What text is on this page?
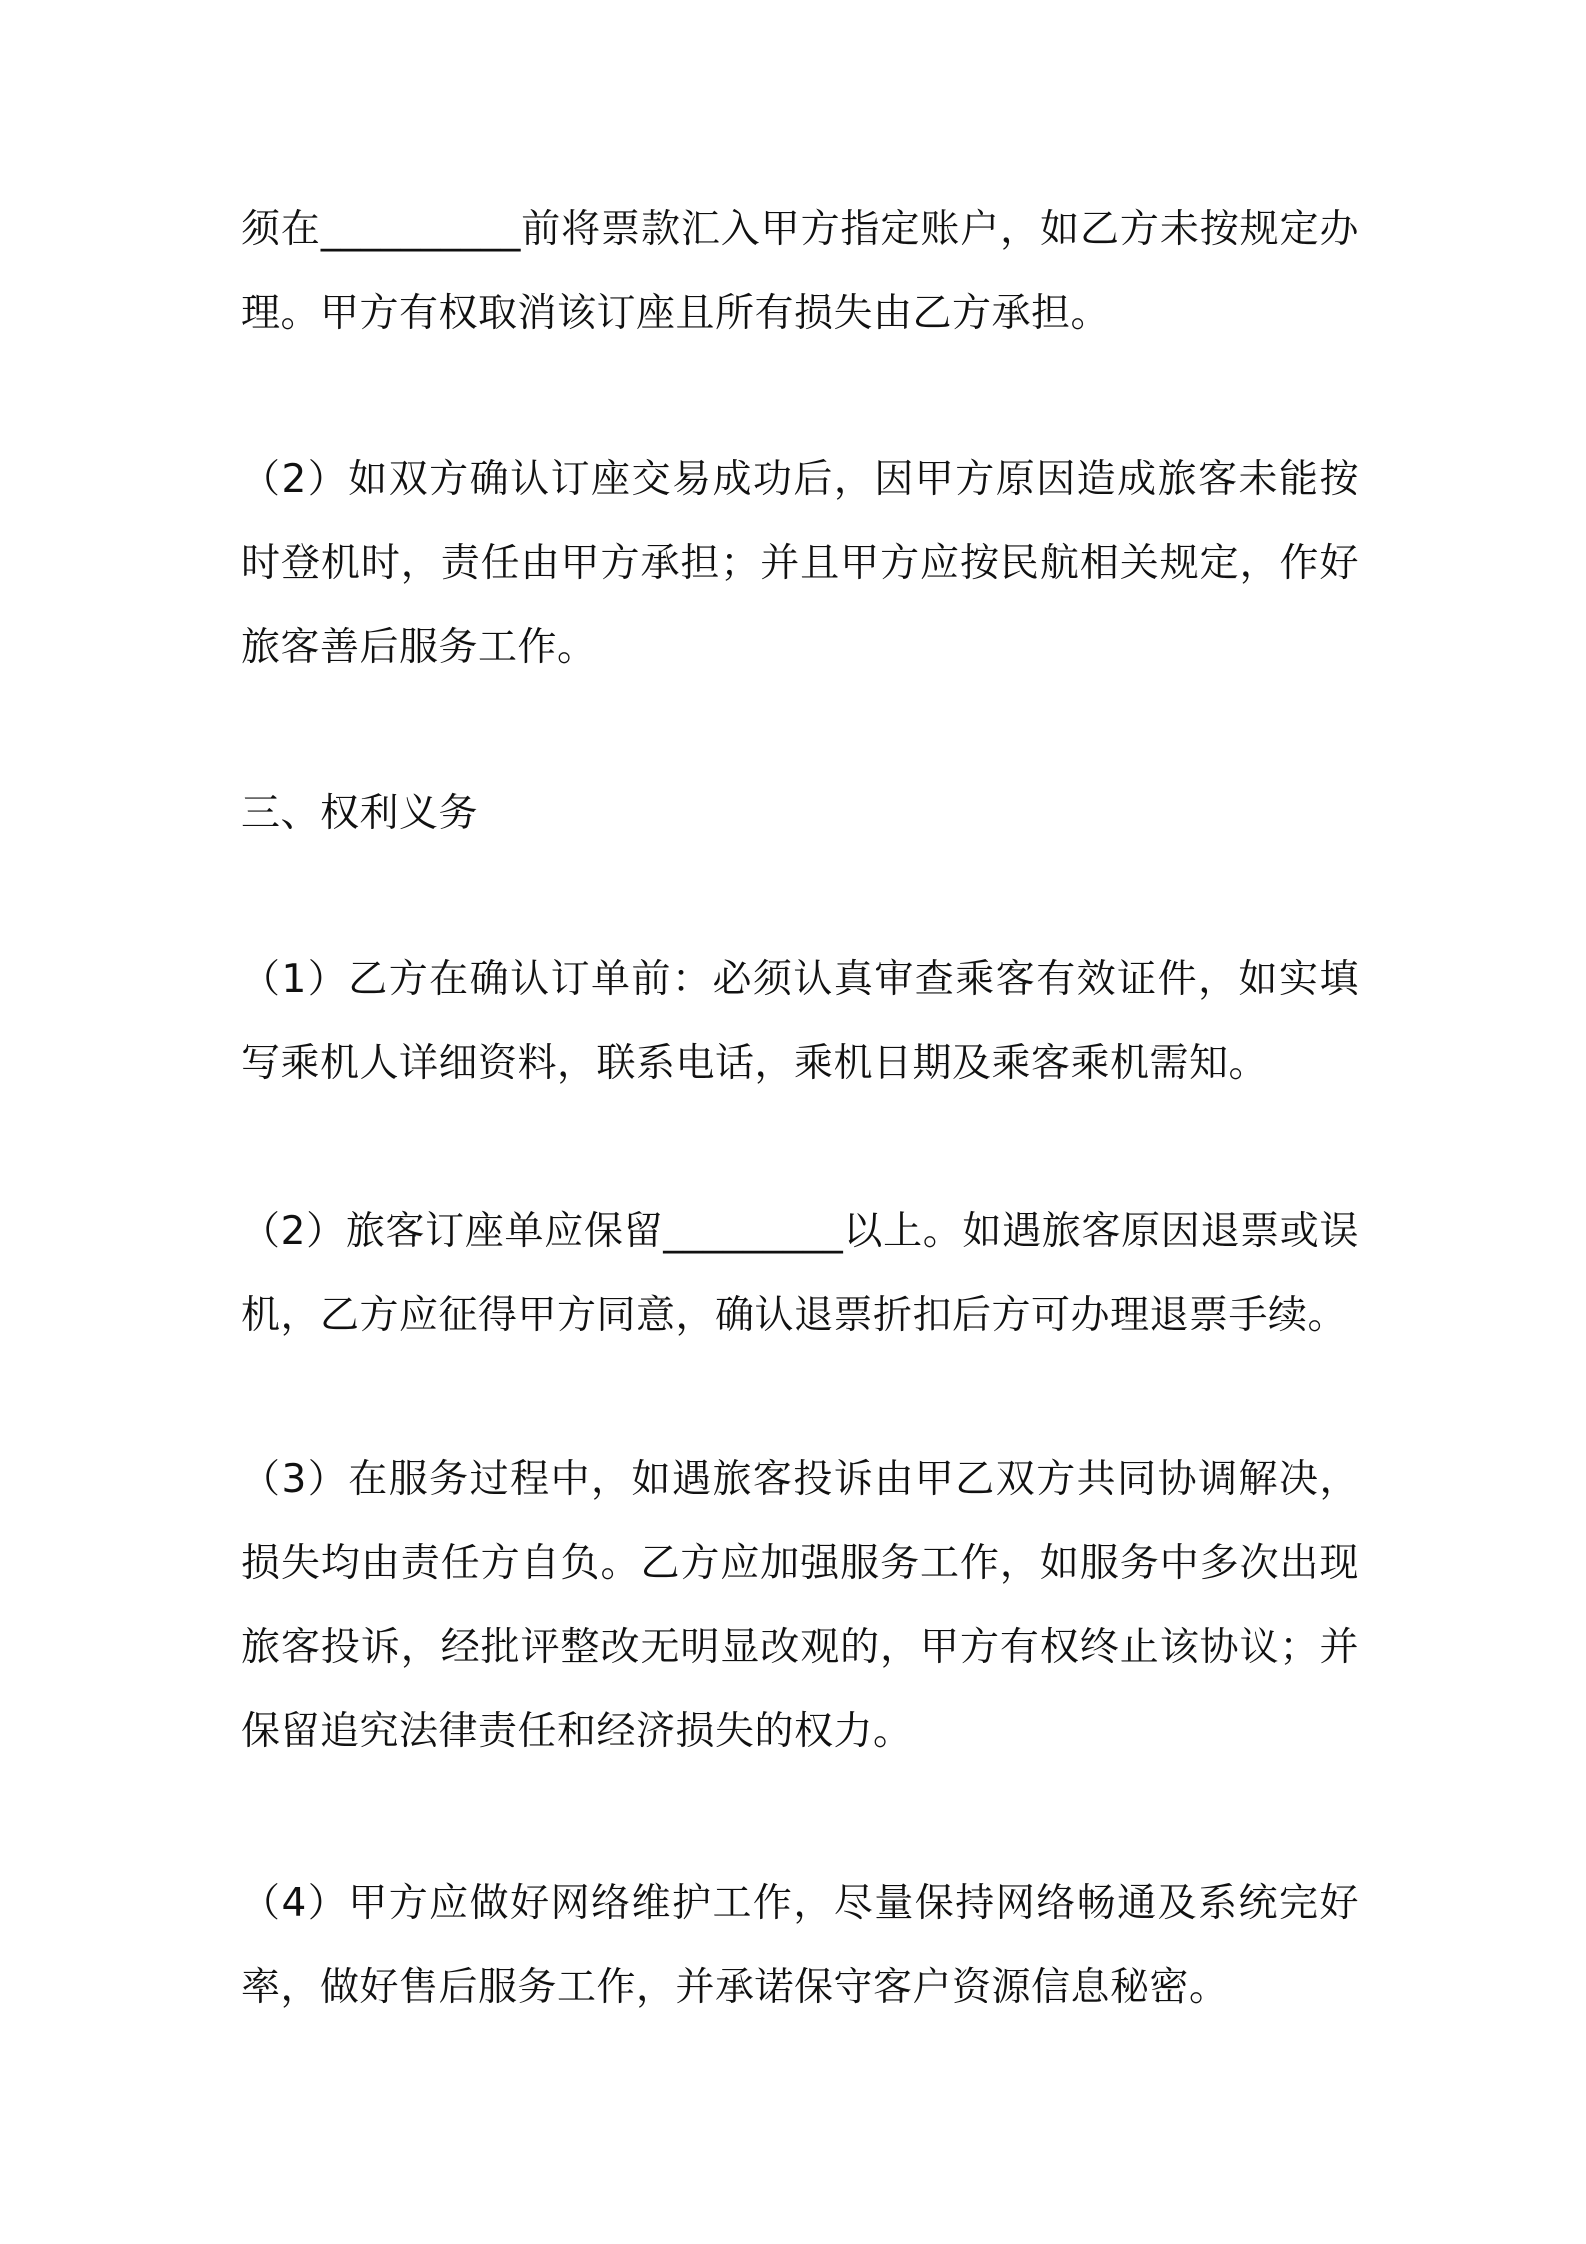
须在__________前将票款汇入甲方指定账户，如乙方未按规定办理。甲方有权取消该订座且所有损失由乙方承担。

（2）如双方确认订座交易成功后，因甲方原因造成旅客未能按时登机时，责任由甲方承担；并且甲方应按民航相关规定，作好旅客善后服务工作。

三、权利义务

（1）乙方在确认订单前：必须认真审查乘客有效证件，如实填写乘机人详细资料，联系电话，乘机日期及乘客乘机需知。

（2）旅客订座单应保留_________以上。如遇旅客原因退票或误机，乙方应征得甲方同意，确认退票折扣后方可办理退票手续。

（3）在服务过程中，如遇旅客投诉由甲乙双方共同协调解决，损失均由责任方自负。乙方应加强服务工作，如服务中多次出现旅客投诉，经批评整改无明显改观的，甲方有权终止该协议；并保留追究法律责任和经济损失的权力。

（4）甲方应做好网络维护工作，尽量保持网络畅通及系统完好率，做好售后服务工作，并承诺保守客户资源信息秘密。
